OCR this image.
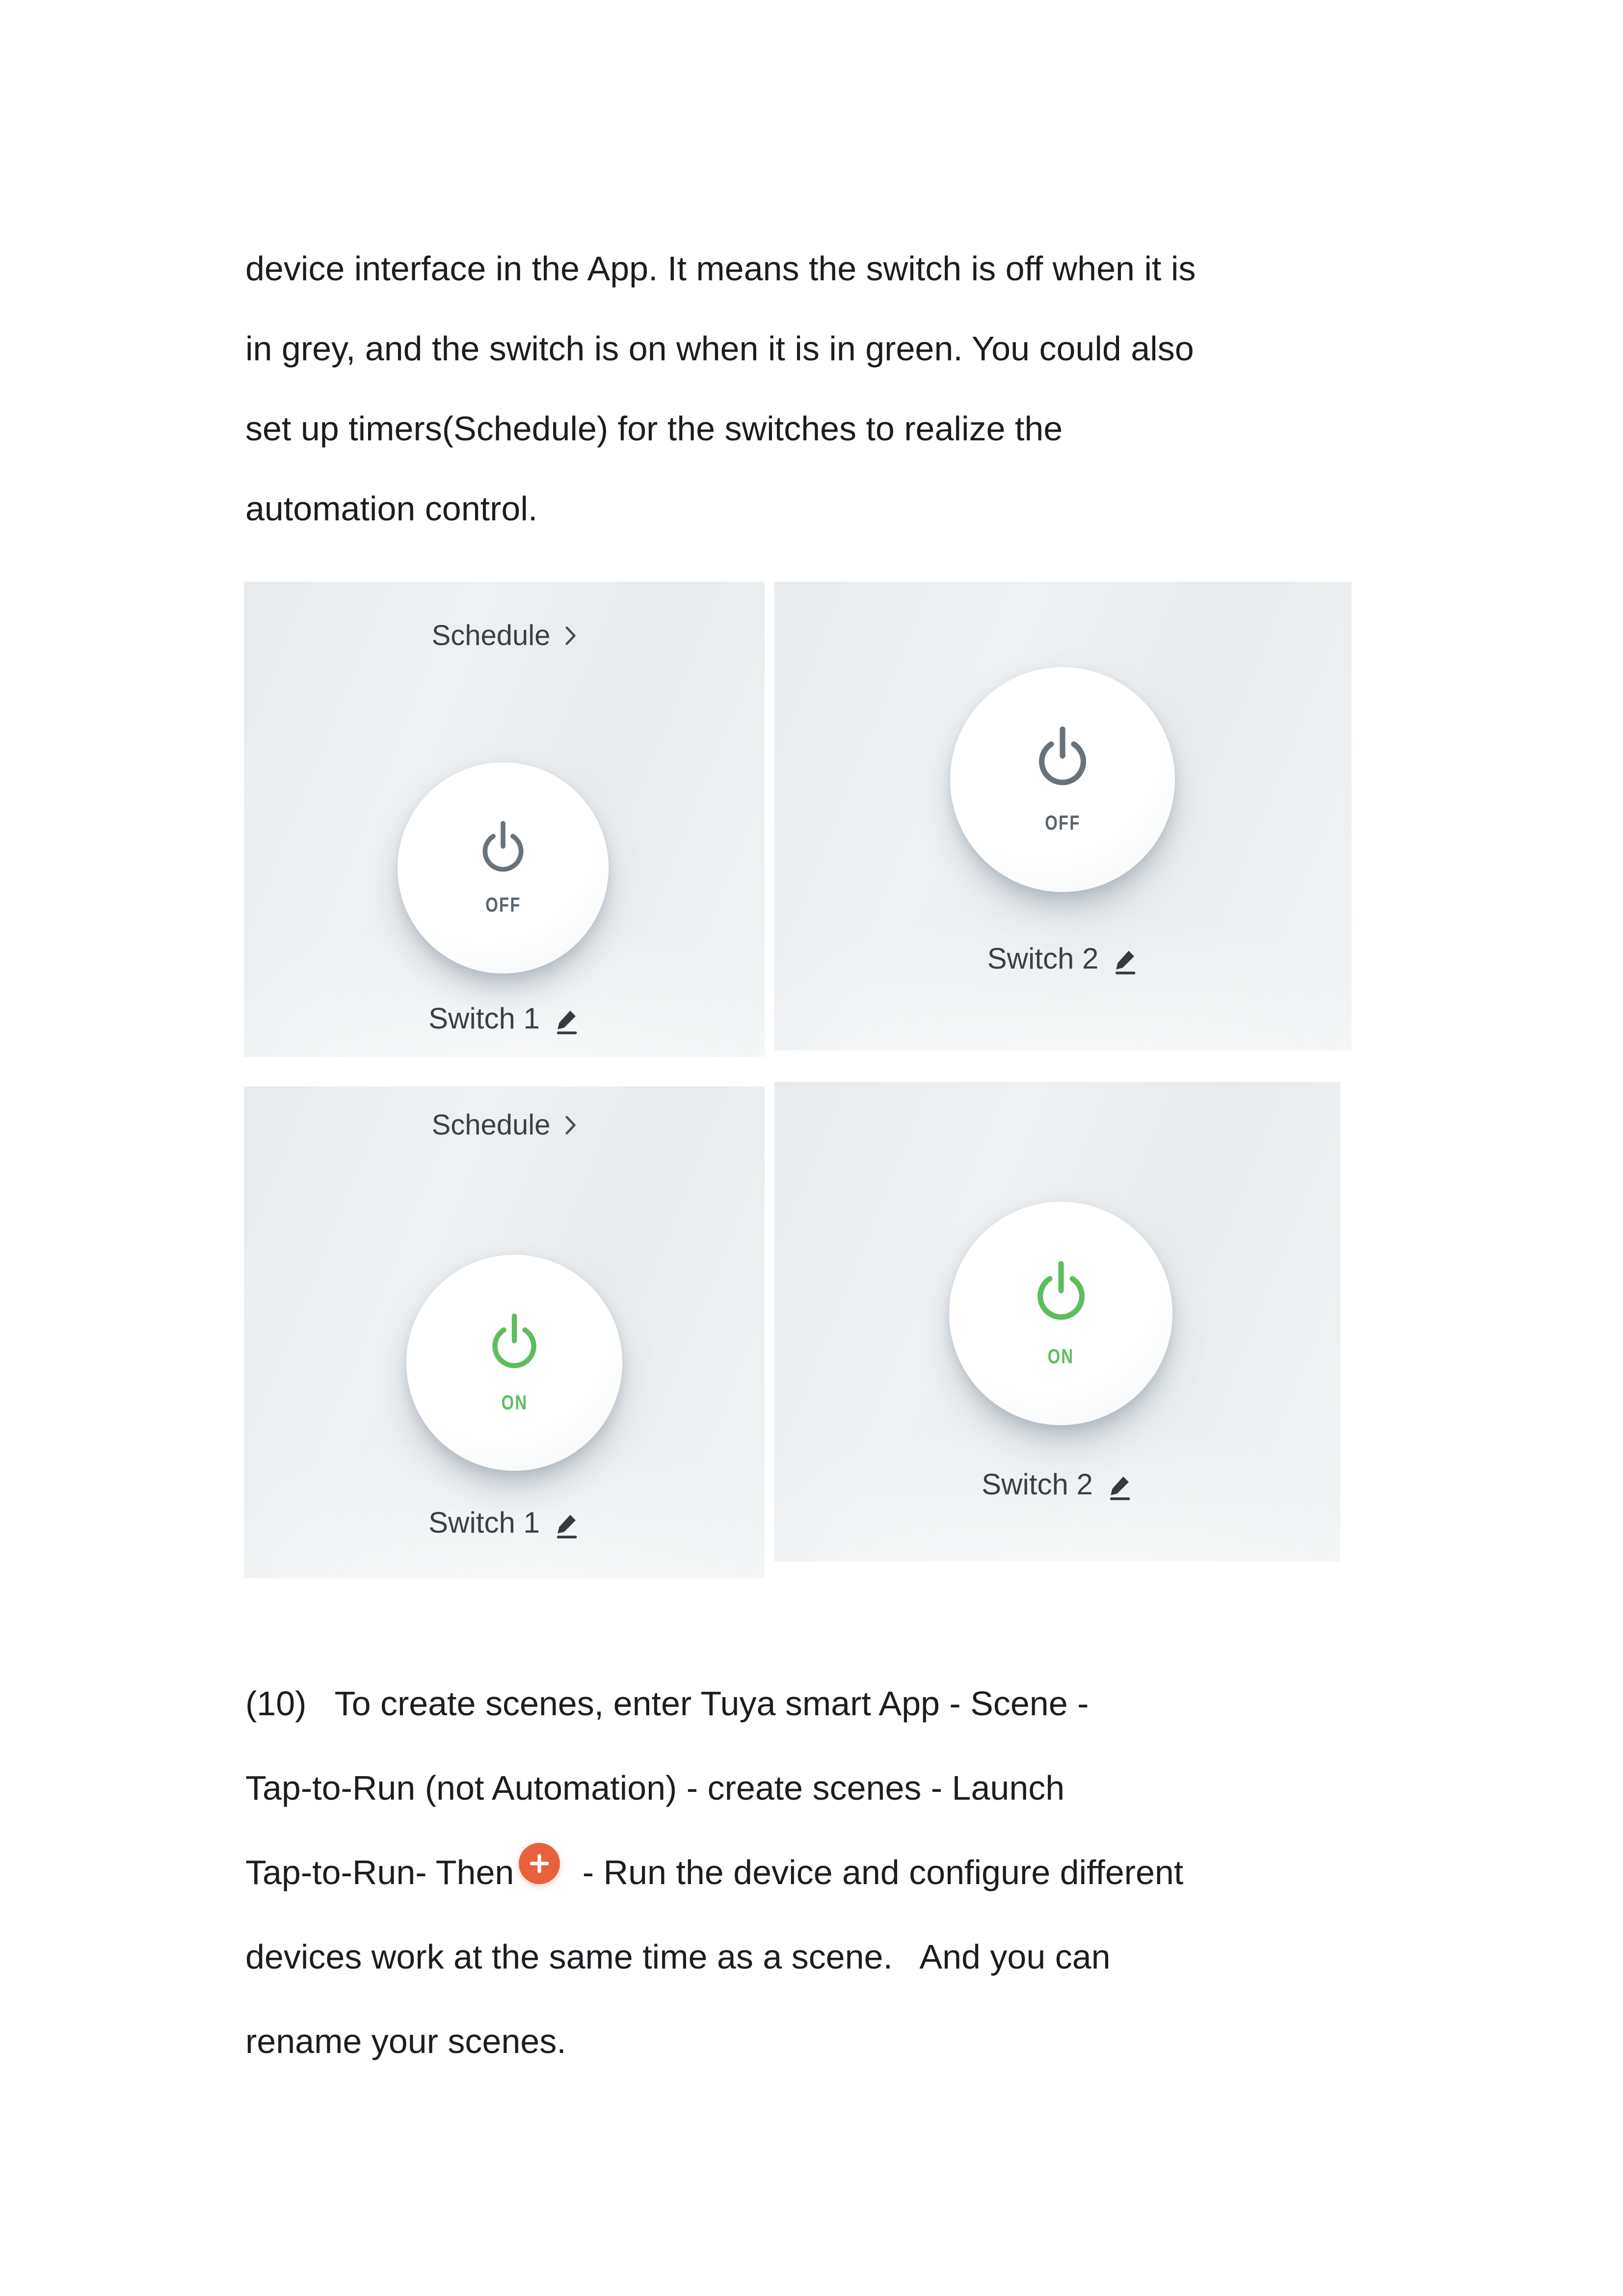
device interface in the App. It means the switch is off when it is
in grey, and the switch is on when it is in green. You could also
set up timers(Schedule) for the switches to realize the
automation control.
Schedule
OFF
Switch 1
OFF
Switch 2
Schedule
ON
Switch 1
ON
Switch 2
(10)   To create scenes, enter Tuya smart App - Scene -
Tap-to-Run (not Automation) - create scenes - Launch
Tap-to-Run- Then
- Run the device and configure different
devices work at the same time as a scene.   And you can
rename your scenes.
